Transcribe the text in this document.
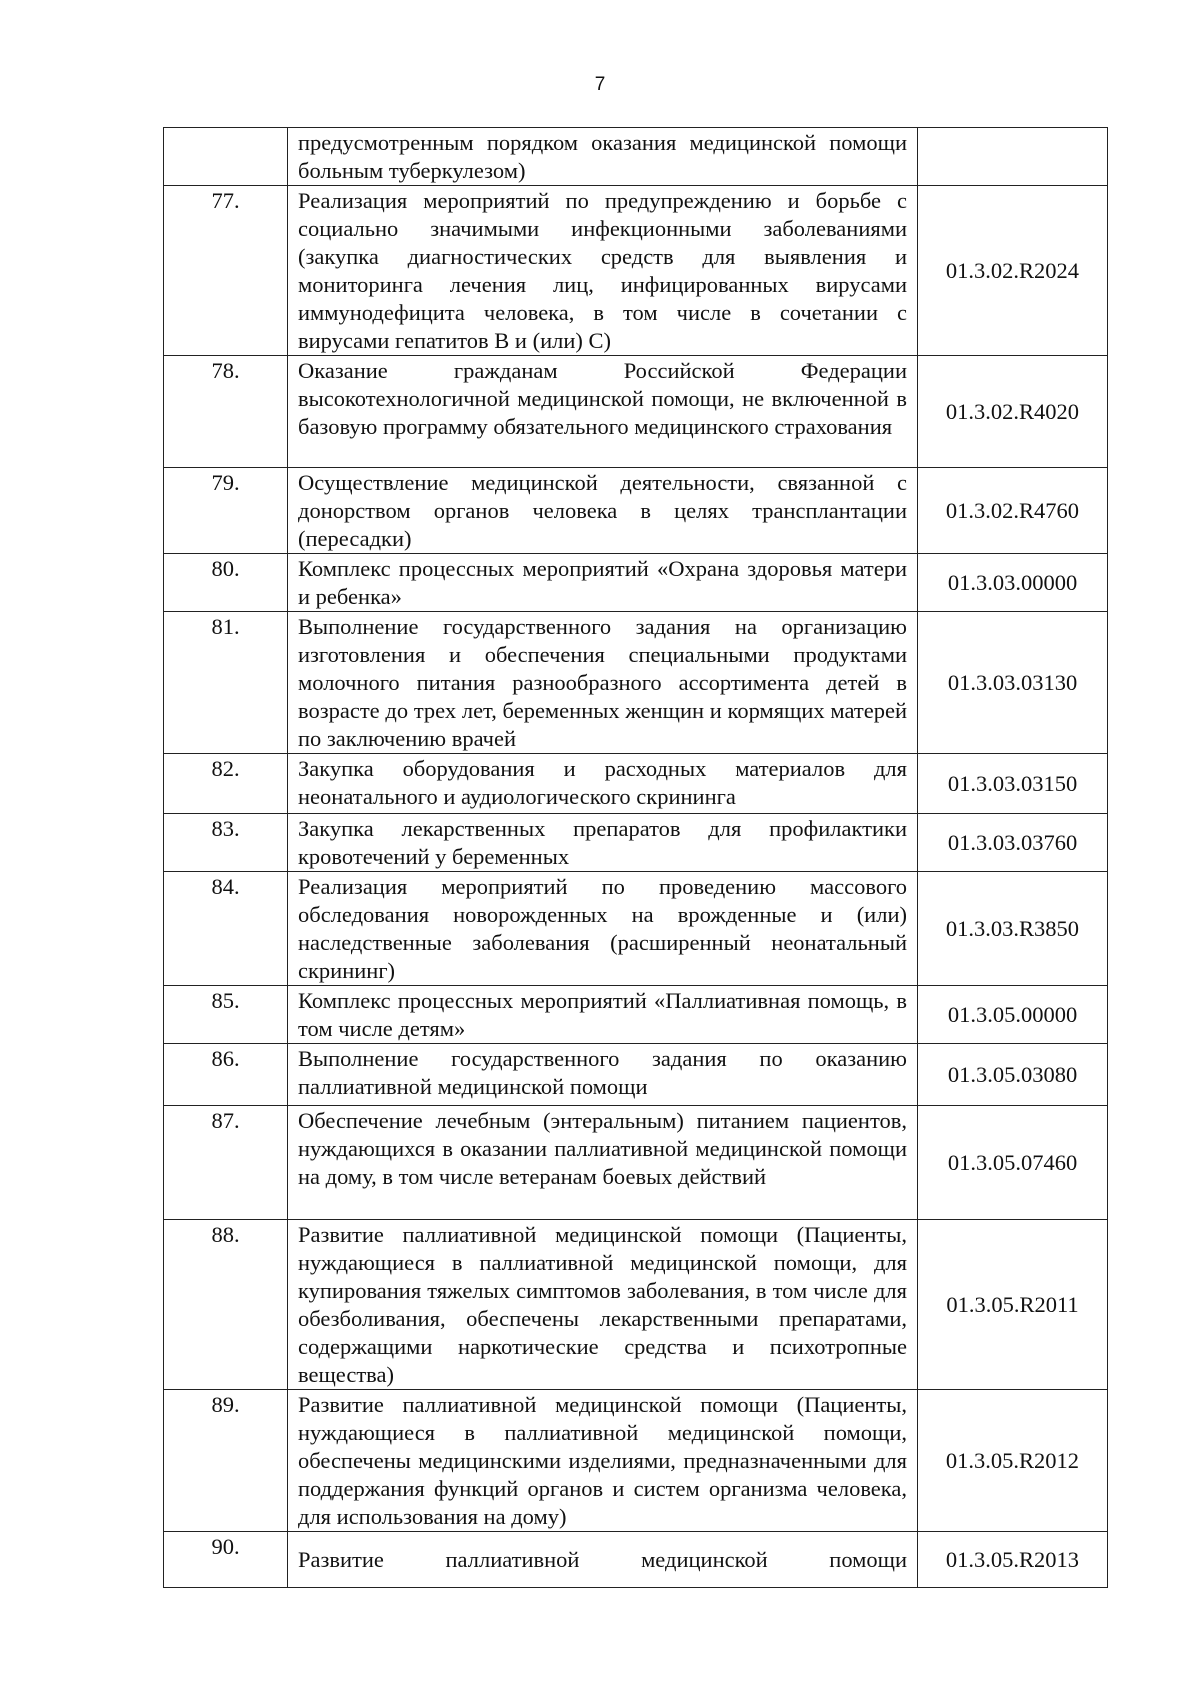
7
	предусмотренным порядком оказания медицинской помощи больным туберкулезом)	
77.	Реализация мероприятий по предупреждению и борьбе с социально значимыми инфекционными заболеваниями (закупка диагностических средств для выявления и мониторинга лечения лиц, инфицированных вирусами иммунодефицита человека, в том числе в сочетании с вирусами гепатитов B и (или) C)	01.3.02.R2024
78.	Оказание гражданам Российской Федерации высокотехнологичной медицинской помощи, не включенной в базовую программу обязательного медицинского страхования	01.3.02.R4020
79.	Осуществление медицинской деятельности, связанной с донорством органов человека в целях трансплантации (пересадки)	01.3.02.R4760
80.	Комплекс процессных мероприятий «Охрана здоровья матери и ребенка»	01.3.03.00000
81.	Выполнение государственного задания на организацию изготовления и обеспечения специальными продуктами молочного питания разнообразного ассортимента детей в возрасте до трех лет, беременных женщин и кормящих матерей по заключению врачей	01.3.03.03130
82.	Закупка оборудования и расходных материалов для неонатального и аудиологического скрининга	01.3.03.03150
83.	Закупка лекарственных препаратов для профилактики кровотечений у беременных	01.3.03.03760
84.	Реализация мероприятий по проведению массового обследования новорожденных на врожденные и (или) наследственные заболевания (расширенный неонатальный скрининг)	01.3.03.R3850
85.	Комплекс процессных мероприятий «Паллиативная помощь, в том числе детям»	01.3.05.00000
86.	Выполнение государственного задания по оказанию паллиативной медицинской помощи	01.3.05.03080
87.	Обеспечение лечебным (энтеральным) питанием пациентов, нуждающихся в оказании паллиативной медицинской помощи на дому, в том числе ветеранам боевых действий	01.3.05.07460
88.	Развитие паллиативной медицинской помощи (Пациенты, нуждающиеся в паллиативной медицинской помощи, для купирования тяжелых симптомов заболевания, в том числе для обезболивания, обеспечены лекарственными препаратами, содержащими наркотические средства и психотропные вещества)	01.3.05.R2011
89.	Развитие паллиативной медицинской помощи (Пациенты, нуждающиеся в паллиативной медицинской помощи, обеспечены медицинскими изделиями, предназначенными для поддержания функций органов и систем организма человека, для использования на дому)	01.3.05.R2012
90.	Развитие паллиативной медицинской помощи	01.3.05.R2013
